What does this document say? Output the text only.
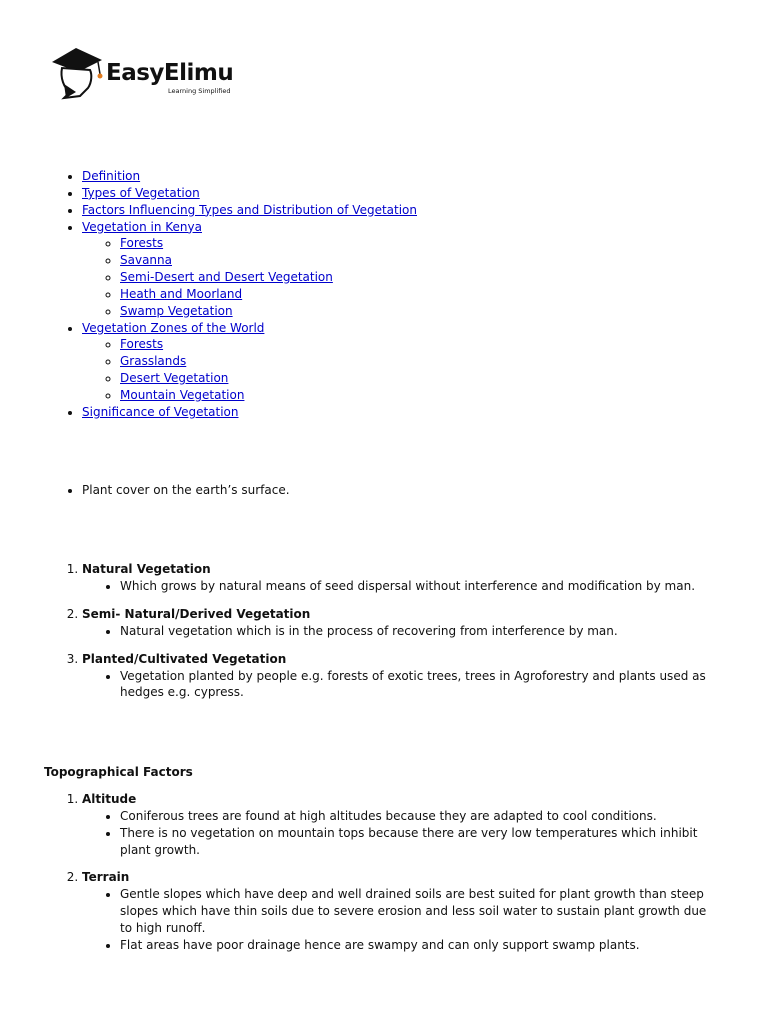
EasyElimu
Learning Simplified
• Definition
• Types of Vegetation
• Factors Influencing Types and Distribution of Vegetation
• Vegetation in Kenya
◦ Forests
◦ Savanna
◦ Semi-Desert and Desert Vegetation
◦ Heath and Moorland
◦ Swamp Vegetation
• Vegetation Zones of the World
◦ Forests
◦ Grasslands
◦ Desert Vegetation
◦ Mountain Vegetation
• Significance of Vegetation
• Plant cover on the earth’s surface.
1. Natural Vegetation
• Which grows by natural means of seed dispersal without interference and modification by man.
2. Semi- Natural/Derived Vegetation
• Natural vegetation which is in the process of recovering from interference by man.
3. Planted/Cultivated Vegetation
• Vegetation planted by people e.g. forests of exotic trees, trees in Agroforestry and plants used as hedges e.g. cypress.
Topographical Factors
1. Altitude
• Coniferous trees are found at high altitudes because they are adapted to cool conditions.
• There is no vegetation on mountain tops because there are very low temperatures which inhibit plant growth.
2. Terrain
• Gentle slopes which have deep and well drained soils are best suited for plant growth than steep slopes which have thin soils due to severe erosion and less soil water to sustain plant growth due to high runoff.
• Flat areas have poor drainage hence are swampy and can only support swamp plants.
